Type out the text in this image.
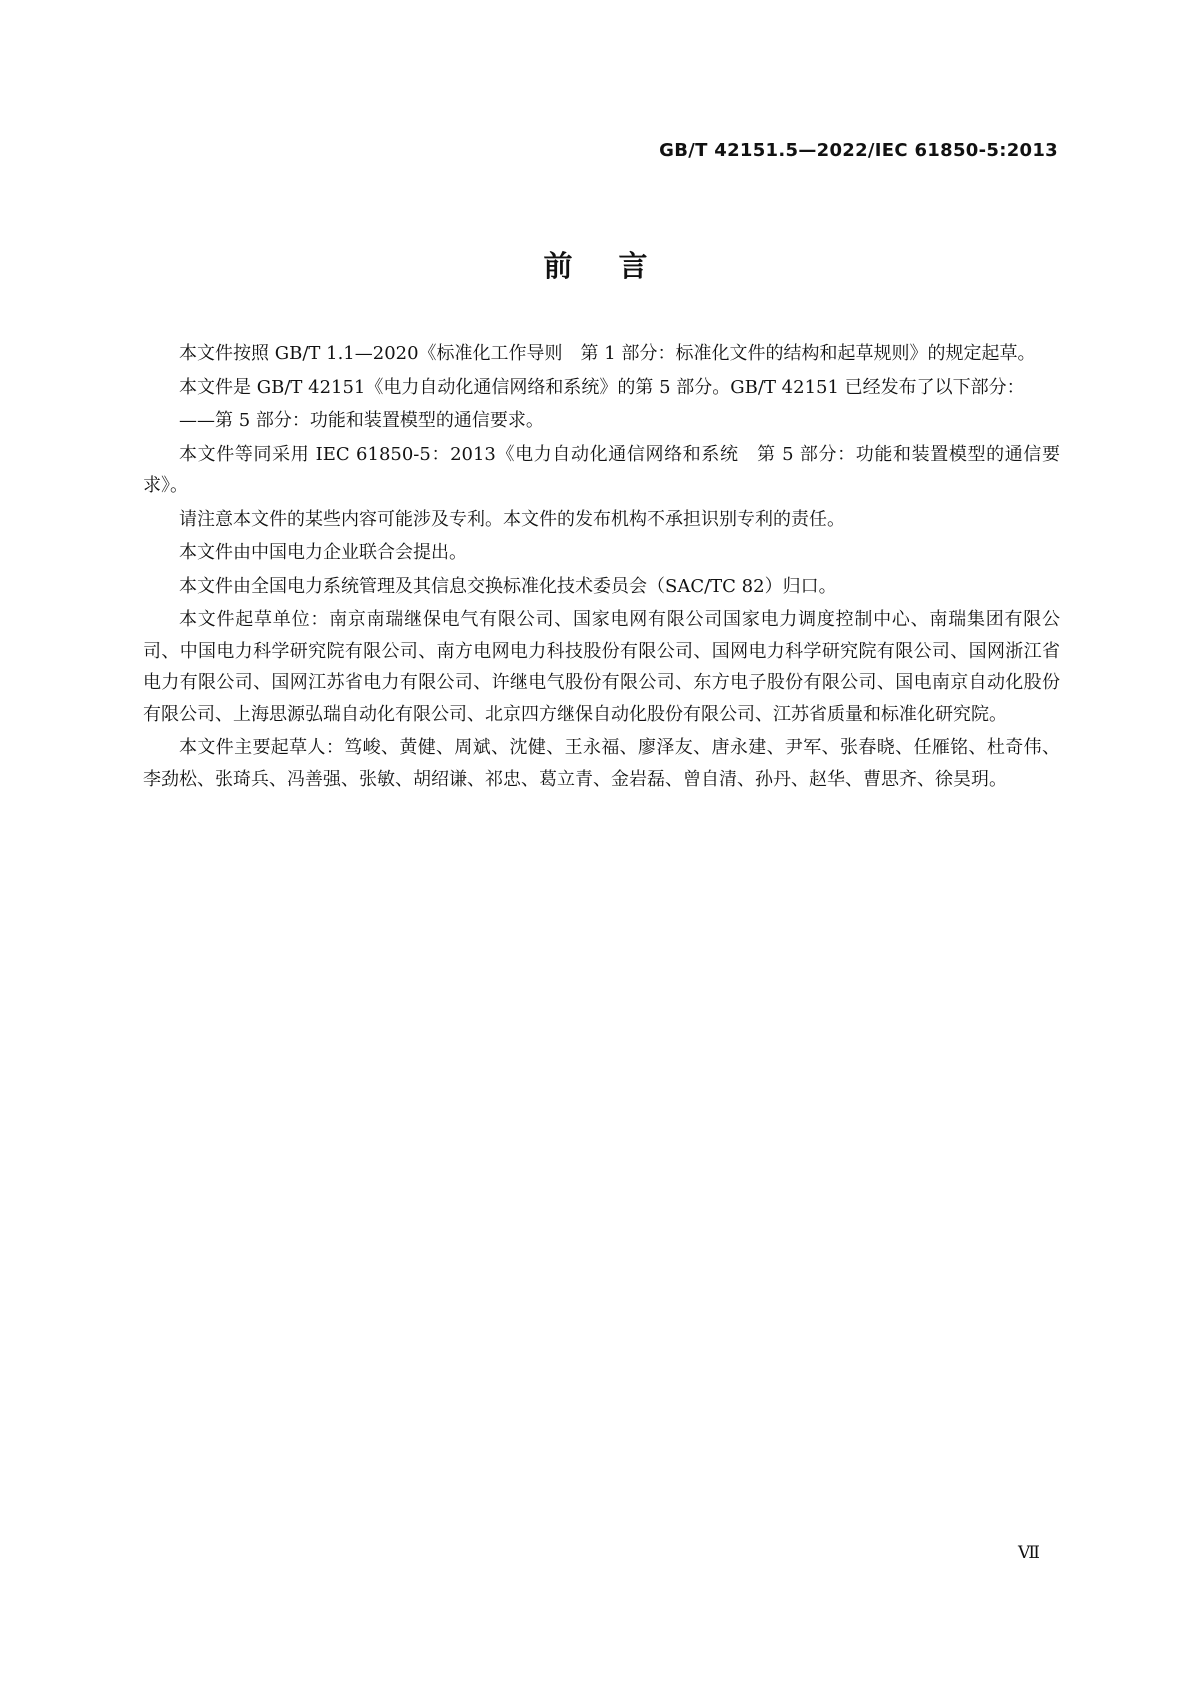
GB/T 42151.5—2022/IEC 61850-5:2013
前言

本文件按照 GB/T 1.1—2020《标准化工作导则　第 1 部分：标准化文件的结构和起草规则》的规定起草。

本文件是 GB/T 42151《电力自动化通信网络和系统》的第 5 部分。GB/T 42151 已经发布了以下部分：

——第 5 部分：功能和装置模型的通信要求。

本文件等同采用 IEC 61850-5：2013《电力自动化通信网络和系统　第 5 部分：功能和装置模型的通信要求》。

请注意本文件的某些内容可能涉及专利。本文件的发布机构不承担识别专利的责任。

本文件由中国电力企业联合会提出。

本文件由全国电力系统管理及其信息交换标准化技术委员会（SAC/TC 82）归口。

本文件起草单位：南京南瑞继保电气有限公司、国家电网有限公司国家电力调度控制中心、南瑞集团有限公司、中国电力科学研究院有限公司、南方电网电力科技股份有限公司、国网电力科学研究院有限公司、国网浙江省电力有限公司、国网江苏省电力有限公司、许继电气股份有限公司、东方电子股份有限公司、国电南京自动化股份有限公司、上海思源弘瑞自动化有限公司、北京四方继保自动化股份有限公司、江苏省质量和标准化研究院。

本文件主要起草人：笃峻、黄健、周斌、沈健、王永福、廖泽友、唐永建、尹军、张春晓、任雁铭、杜奇伟、李劲松、张琦兵、冯善强、张敏、胡绍谦、祁忠、葛立青、金岩磊、曾自清、孙丹、赵华、曹思齐、徐昊玥。

Ⅶ
